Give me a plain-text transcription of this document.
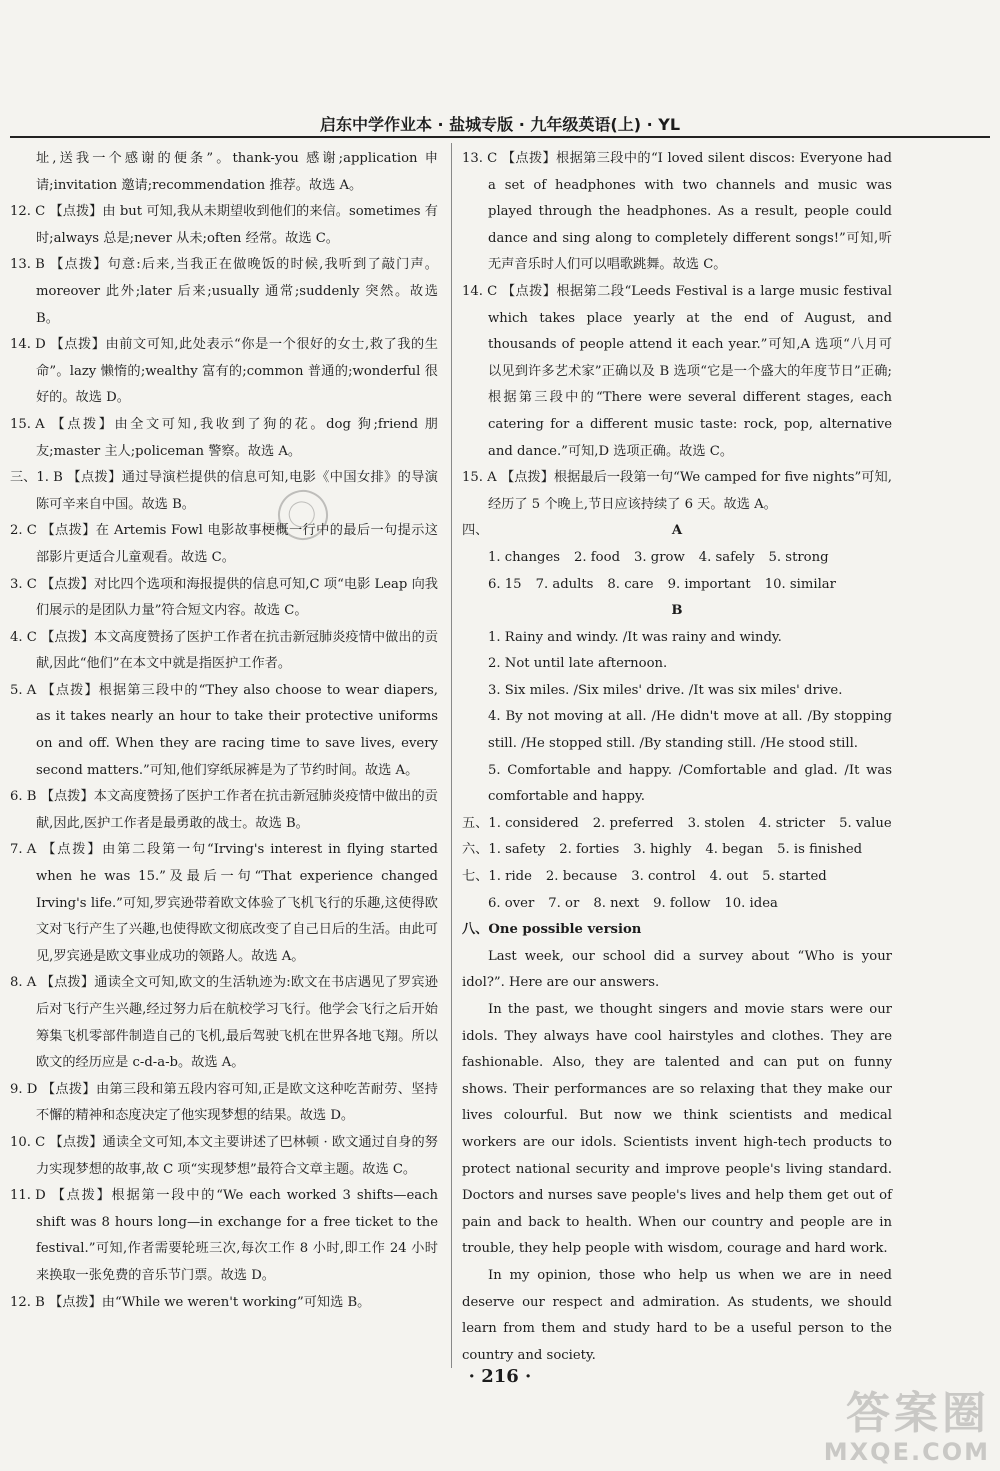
启东中学作业本 · 盐城专版 · 九年级英语(上) · YL

址,送我一个感谢的便条”。thank-you 感谢;application 申请;invitation 邀请;recommendation 推荐。故选 A。

12. C 【点拨】由 but 可知,我从未期望收到他们的来信。sometimes 有时;always 总是;never 从未;often 经常。故选 C。

13. B 【点拨】句意:后来,当我正在做晚饭的时候,我听到了敲门声。moreover 此外;later 后来;usually 通常;suddenly 突然。故选 B。

14. D 【点拨】由前文可知,此处表示“你是一个很好的女士,救了我的生命”。lazy 懒惰的;wealthy 富有的;common 普通的;wonderful 很好的。故选 D。

15. A 【点拨】由全文可知,我收到了狗的花。dog 狗;friend 朋友;master 主人;policeman 警察。故选 A。

三、1. B 【点拨】通过导演栏提供的信息可知,电影《中国女排》的导演陈可辛来自中国。故选 B。

2. C 【点拨】在 Artemis Fowl 电影故事梗概一行中的最后一句提示这部影片更适合儿童观看。故选 C。

3. C 【点拨】对比四个选项和海报提供的信息可知,C 项“电影 Leap 向我们展示的是团队力量”符合短文内容。故选 C。

4. C 【点拨】本文高度赞扬了医护工作者在抗击新冠肺炎疫情中做出的贡献,因此“他们”在本文中就是指医护工作者。

5. A 【点拨】根据第三段中的“They also choose to wear diapers, as it takes nearly an hour to take their protective uniforms on and off. When they are racing time to save lives, every second matters.”可知,他们穿纸尿裤是为了节约时间。故选 A。

6. B 【点拨】本文高度赞扬了医护工作者在抗击新冠肺炎疫情中做出的贡献,因此,医护工作者是最勇敢的战士。故选 B。

7. A 【点拨】由第二段第一句“Irving's interest in flying started when he was 15.”及最后一句“That experience changed Irving's life.”可知,罗宾逊带着欧文体验了飞机飞行的乐趣,这使得欧文对飞行产生了兴趣,也使得欧文彻底改变了自己日后的生活。由此可见,罗宾逊是欧文事业成功的领路人。故选 A。

8. A 【点拨】通读全文可知,欧文的生活轨迹为:欧文在书店遇见了罗宾逊后对飞行产生兴趣,经过努力后在航校学习飞行。他学会飞行之后开始筹集飞机零部件制造自己的飞机,最后驾驶飞机在世界各地飞翔。所以欧文的经历应是 c-d-a-b。故选 A。

9. D 【点拨】由第三段和第五段内容可知,正是欧文这种吃苦耐劳、坚持不懈的精神和态度决定了他实现梦想的结果。故选 D。

10. C 【点拨】通读全文可知,本文主要讲述了巴林顿 · 欧文通过自身的努力实现梦想的故事,故 C 项“实现梦想”最符合文章主题。故选 C。

11. D 【点拨】根据第一段中的“We each worked 3 shifts—each shift was 8 hours long—in exchange for a free ticket to the festival.”可知,作者需要轮班三次,每次工作 8 小时,即工作 24 小时来换取一张免费的音乐节门票。故选 D。

12. B 【点拨】由“While we weren't working”可知选 B。

13. C 【点拨】根据第三段中的“I loved silent discos: Everyone had a set of headphones with two channels and music was played through the headphones. As a result, people could dance and sing along to completely different songs!”可知,听无声音乐时人们可以唱歌跳舞。故选 C。

14. C 【点拨】根据第二段“Leeds Festival is a large music festival which takes place yearly at the end of August, and thousands of people attend it each year.”可知,A 选项“八月可以见到许多艺术家”正确以及 B 选项“它是一个盛大的年度节日”正确;根据第三段中的“There were several different stages, each catering for a different music taste: rock, pop, alternative and dance.”可知,D 选项正确。故选 C。

15. A 【点拨】根据最后一段第一句“We camped for five nights”可知,经历了 5 个晚上,节日应该持续了 6 天。故选 A。

四、	A

1. changes 2. food 3. grow 4. safely 5. strong

6. 15 7. adults 8. care 9. important 10. similar

B

1. Rainy and windy. /It was rainy and windy.

2. Not until late afternoon.

3. Six miles. /Six miles' drive. /It was six miles' drive.

4. By not moving at all. /He didn't move at all. /By stopping still. /He stopped still. /By standing still. /He stood still.

5. Comfortable and happy. /Comfortable and glad. /It was comfortable and happy.

五、1. considered 2. preferred 3. stolen 4. stricter 5. value

六、1. safety 2. forties 3. highly 4. began 5. is finished

七、1. ride 2. because 3. control 4. out 5. started

6. over 7. or 8. next 9. follow 10. idea

八、One possible version

Last week, our school did a survey about “Who is your idol?”. Here are our answers.

In the past, we thought singers and movie stars were our idols. They always have cool hairstyles and clothes. They are fashionable. Also, they are talented and can put on funny shows. Their performances are so relaxing that they make our lives colourful. But now we think scientists and medical workers are our idols. Scientists invent high-tech products to protect national security and improve people's living standard. Doctors and nurses save people's lives and help them get out of pain and back to health. When our country and people are in trouble, they help people with wisdom, courage and hard work.

In my opinion, those who help us when we are in need deserve our respect and admiration. As students, we should learn from them and study hard to be a useful person to the country and society.

· 216 ·
答案圈
MXQE.COM
